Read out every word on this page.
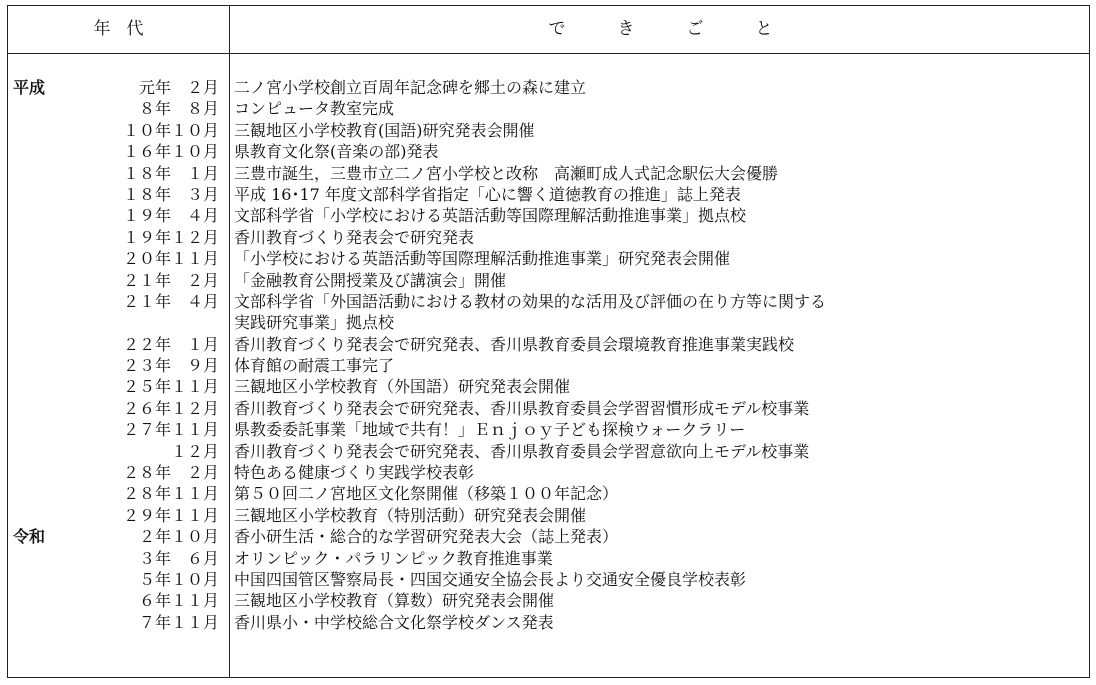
年代	できごと
平成	元年　２月 二ノ宮小学校創立百周年記念碑を郷土の森に建立
８年　８月 コンピュータ教室完成
１０年１０月 三観地区小学校教育(国語)研究発表会開催
１６年１０月 県教育文化祭(音楽の部)発表
１８年　１月 三豊市誕生，三豊市立二ノ宮小学校と改称　高瀬町成人式記念駅伝大会優勝
１８年　３月 平成 16･17 年度文部科学省指定「心に響く道徳教育の推進」誌上発表
１９年　４月 文部科学省「小学校における英語活動等国際理解活動推進事業」拠点校
１９年１２月 香川教育づくり発表会で研究発表
２０年１１月 「小学校における英語活動等国際理解活動推進事業」研究発表会開催
２１年　２月 「金融教育公開授業及び講演会」開催
２１年　４月 文部科学省「外国語活動における教材の効果的な活用及び評価の在り方等に関する
実践研究事業」拠点校
２２年　１月 香川教育づくり発表会で研究発表、香川県教育委員会環境教育推進事業実践校
２３年　９月 体育館の耐震工事完了
２５年１１月 三観地区小学校教育（外国語）研究発表会開催
２６年１２月 香川教育づくり発表会で研究発表、香川県教育委員会学習習慣形成モデル校事業
２７年１１月 県教委委託事業「地域で共有！」Ｅｎｊｏｙ子ども探検ウォークラリー
１２月 香川教育づくり発表会で研究発表、香川県教育委員会学習意欲向上モデル校事業
２８年　２月 特色ある健康づくり実践学校表彰
２８年１１月 第５０回二ノ宮地区文化祭開催（移築１００年記念）
２９年１１月 三観地区小学校教育（特別活動）研究発表会開催
令和	２年１０月 香小研生活・総合的な学習研究発表大会（誌上発表）
３年　６月 オリンピック・パラリンピック教育推進事業
５年１０月 中国四国管区警察局長・四国交通安全協会長より交通安全優良学校表彰
６年１１月 三観地区小学校教育（算数）研究発表会開催
７年１１月 香川県小・中学校総合文化祭学校ダンス発表
